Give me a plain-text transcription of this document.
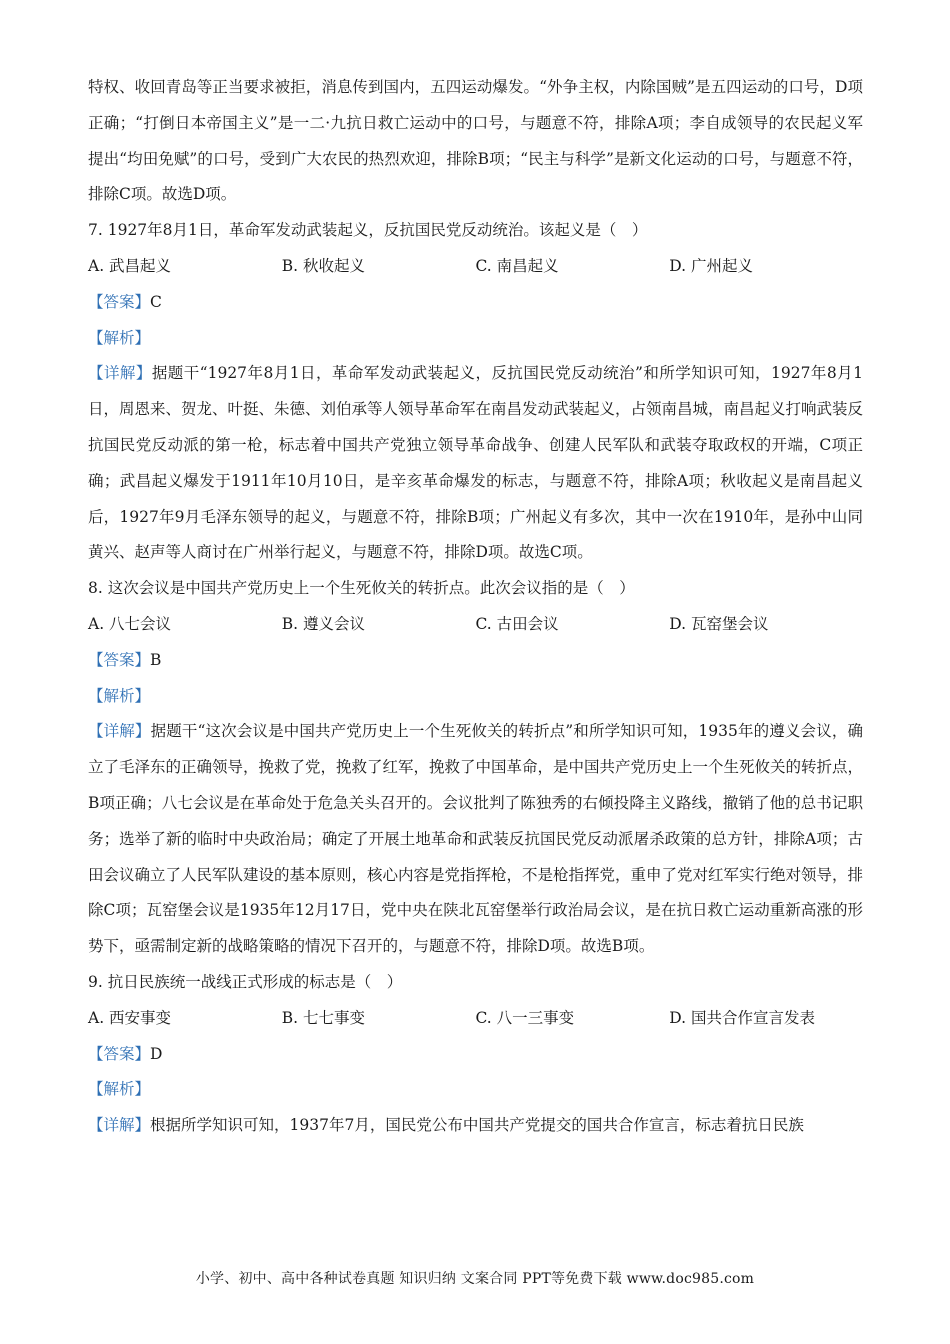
特权、收回青岛等正当要求被拒，消息传到国内，五四运动爆发。“外争主权，内除国贼”是五四运动的口号，D项正确；“打倒日本帝国主义”是一二·九抗日救亡运动中的口号，与题意不符，排除A项；李自成领导的农民起义军提出“均田免赋”的口号，受到广大农民的热烈欢迎，排除B项；“民主与科学”是新文化运动的口号，与题意不符，排除C项。故选D项。

7. 1927年8月1日，革命军发动武装起义，反抗国民党反动统治。该起义是（　）

A. 武昌起义	B. 秋收起义	C. 南昌起义	D. 广州起义

【答案】C

【解析】

【详解】据题干“1927年8月1日，革命军发动武装起义，反抗国民党反动统治”和所学知识可知，1927年8月1日，周恩来、贺龙、叶挺、朱德、刘伯承等人领导革命军在南昌发动武装起义，占领南昌城，南昌起义打响武装反抗国民党反动派的第一枪，标志着中国共产党独立领导革命战争、创建人民军队和武装夺取政权的开端，C项正确；武昌起义爆发于1911年10月10日，是辛亥革命爆发的标志，与题意不符，排除A项；秋收起义是南昌起义后，1927年9月毛泽东领导的起义，与题意不符，排除B项；广州起义有多次，其中一次在1910年，是孙中山同黄兴、赵声等人商讨在广州举行起义，与题意不符，排除D项。故选C项。

8. 这次会议是中国共产党历史上一个生死攸关的转折点。此次会议指的是（　）

A. 八七会议	B. 遵义会议	C. 古田会议	D. 瓦窑堡会议

【答案】B

【解析】

【详解】据题干“这次会议是中国共产党历史上一个生死攸关的转折点”和所学知识可知，1935年的遵义会议，确立了毛泽东的正确领导，挽救了党，挽救了红军，挽救了中国革命，是中国共产党历史上一个生死攸关的转折点，B项正确；八七会议是在革命处于危急关头召开的。会议批判了陈独秀的右倾投降主义路线，撤销了他的总书记职务；选举了新的临时中央政治局；确定了开展土地革命和武装反抗国民党反动派屠杀政策的总方针，排除A项；古田会议确立了人民军队建设的基本原则，核心内容是党指挥枪，不是枪指挥党，重申了党对红军实行绝对领导，排除C项；瓦窑堡会议是1935年12月17日，党中央在陕北瓦窑堡举行政治局会议，是在抗日救亡运动重新高涨的形势下，亟需制定新的战略策略的情况下召开的，与题意不符，排除D项。故选B项。

9. 抗日民族统一战线正式形成的标志是（　）

A. 西安事变	B. 七七事变	C. 八一三事变	D. 国共合作宣言发表

【答案】D

【解析】

【详解】根据所学知识可知，1937年7月，国民党公布中国共产党提交的国共合作宣言，标志着抗日民族

小学、初中、高中各种试卷真题 知识归纳 文案合同 PPT等免费下载 www.doc985.com
